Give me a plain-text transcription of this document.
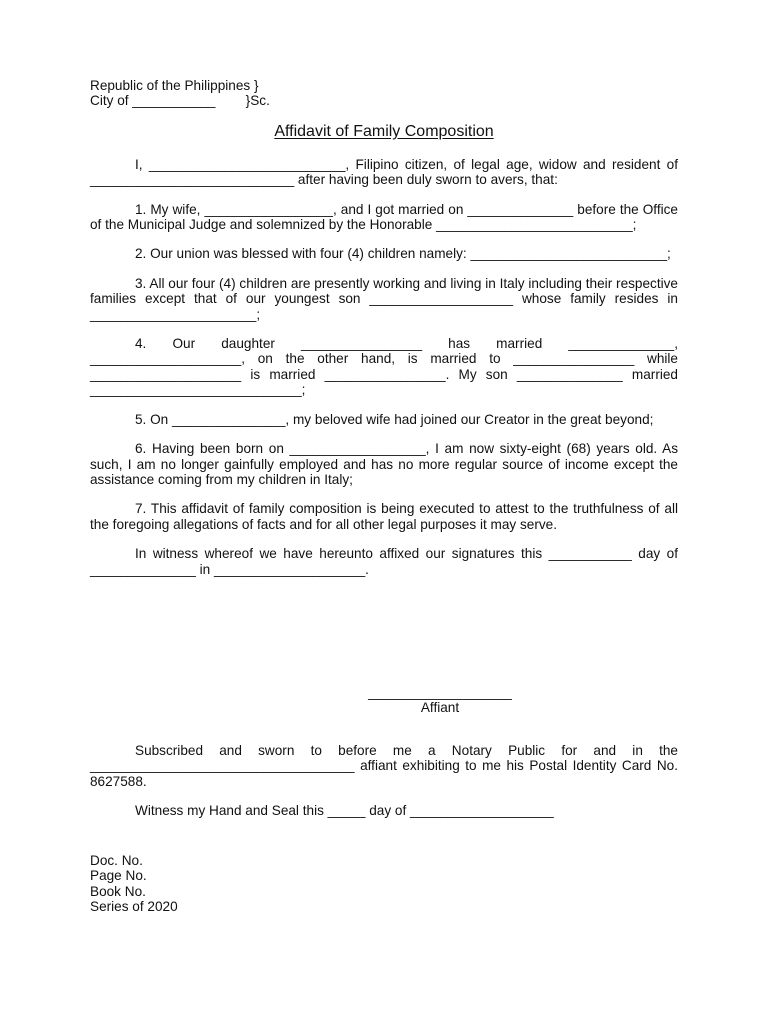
Republic of the Philippines }
City of ___________        }Sc.
Affidavit of Family Composition

I, __________________________, Filipino citizen, of legal age, widow and resident of ___________________________ after having been duly sworn to avers, that:

1. My wife, _________________, and I got married on ______________ before the Office of the Municipal Judge and solemnized by the Honorable __________________________;

2. Our union was blessed with four (4) children namely: __________________________;

3. All our four (4) children are presently working and living in Italy including their respective families except that of our youngest son ___________________ whose family resides in ______________________;

4. Our daughter ________________ has married ______________, ____________________, on the other hand, is married to ________________ while ____________________ is married ________________. My son ______________ married ____________________________;

5. On _______________, my beloved wife had joined our Creator in the great beyond;

6. Having been born on __________________, I am now sixty-eight (68) years old. As such, I am no longer gainfully employed and has no more regular source of income except the assistance coming from my children in Italy;

7. This affidavit of family composition is being executed to attest to the truthfulness of all the foregoing allegations of facts and for all other legal purposes it may serve.

In witness whereof we have hereunto affixed our signatures this ___________ day of ______________ in ____________________.

___________________
Affiant

Subscribed and sworn to before me a Notary Public for and in the ___________________________________ affiant exhibiting to me his Postal Identity Card No. 8627588.

Witness my Hand and Seal this _____ day of ___________________

Doc. No.
Page No.
Book No.
Series of 2020
